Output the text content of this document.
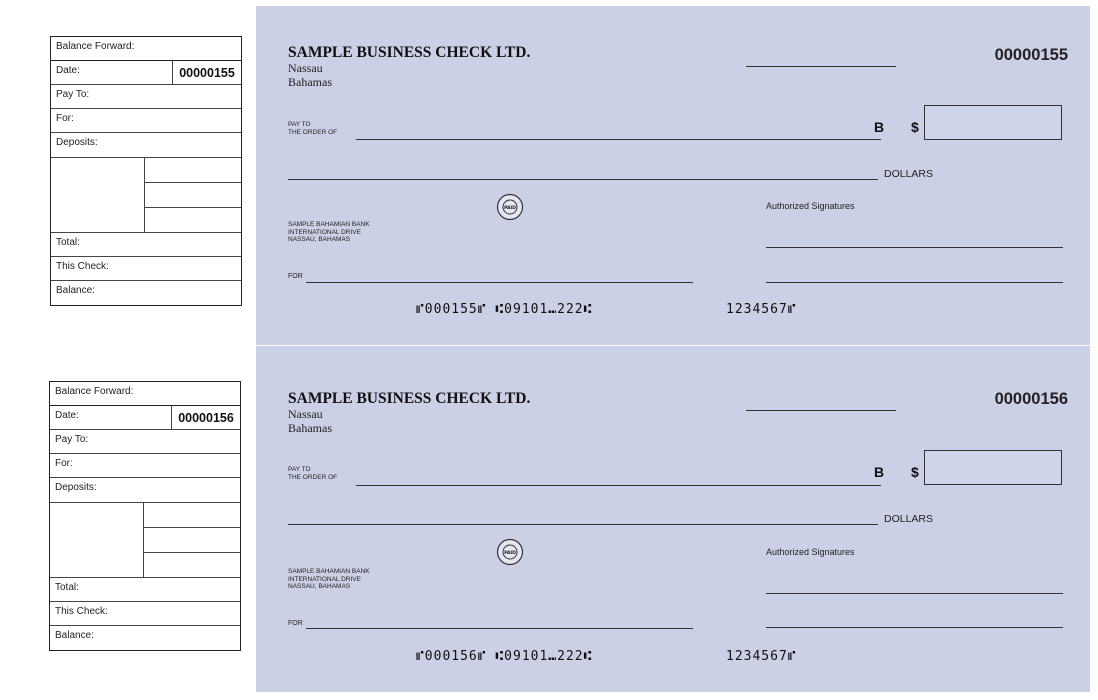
Balance Forward:
Date:	00000155
Pay To:
For:
Deposits:
Total:
This Check:
Balance:
SAMPLE BUSINESS CHECK LTD.
Nassau
Bahamas
00000155
PAY TO
THE ORDER OF	B $
DOLLARS
PAID
SAMPLE BAHAMIAN BANK
INTERNATIONAL DRIVE
NASSAU, BAHAMAS
Authorized Signatures
FOR
⑈000155⑈ ⑆09101⑉222⑆	1234567⑈
Balance Forward:
Date:	00000156
Pay To:
For:
Deposits:
Total:
This Check:
Balance:
SAMPLE BUSINESS CHECK LTD.
Nassau
Bahamas
00000156
PAY TO
THE ORDER OF	B $
DOLLARS
PAID
SAMPLE BAHAMIAN BANK
INTERNATIONAL DRIVE
NASSAU, BAHAMAS
Authorized Signatures
FOR
⑈000156⑈ ⑆09101⑉222⑆	1234567⑈
